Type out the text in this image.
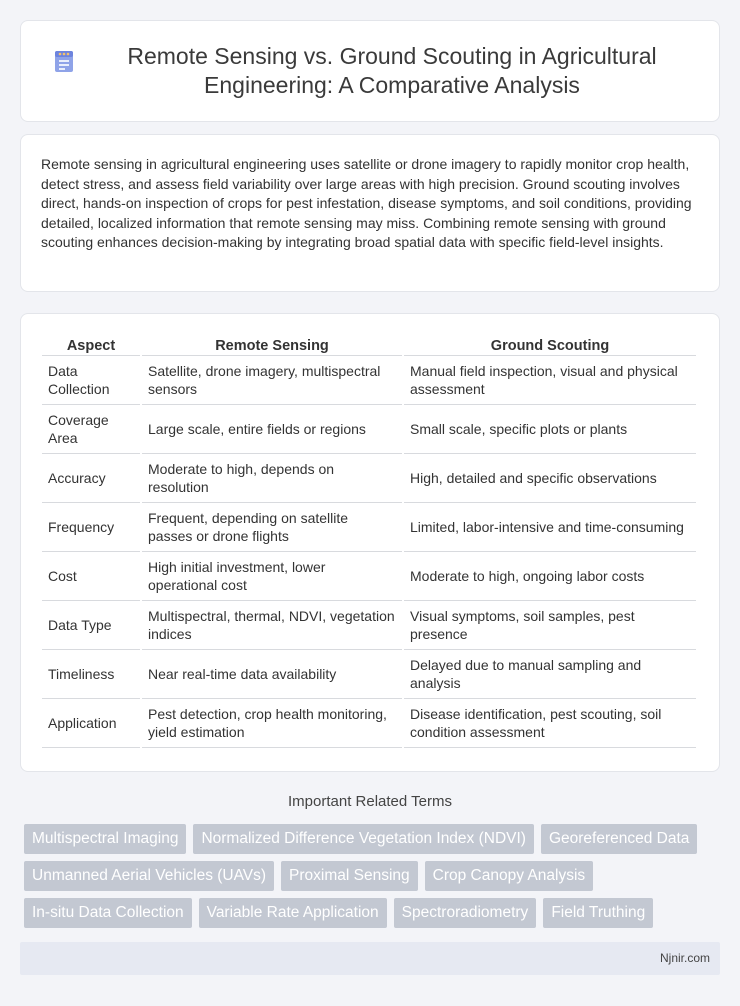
Remote Sensing vs. Ground Scouting in Agricultural Engineering: A Comparative Analysis

Remote sensing in agricultural engineering uses satellite or drone imagery to rapidly monitor crop health, detect stress, and assess field variability over large areas with high precision. Ground scouting involves direct, hands-on inspection of crops for pest infestation, disease symptoms, and soil conditions, providing detailed, localized information that remote sensing may miss. Combining remote sensing with ground scouting enhances decision-making by integrating broad spatial data with specific field-level insights.

Aspect	Remote Sensing	Ground Scouting
Data Collection	Satellite, drone imagery, multispectral sensors	Manual field inspection, visual and physical assessment
Coverage Area	Large scale, entire fields or regions	Small scale, specific plots or plants
Accuracy	Moderate to high, depends on resolution	High, detailed and specific observations
Frequency	Frequent, depending on satellite passes or drone flights	Limited, labor-intensive and time-consuming
Cost	High initial investment, lower operational cost	Moderate to high, ongoing labor costs
Data Type	Multispectral, thermal, NDVI, vegetation indices	Visual symptoms, soil samples, pest presence
Timeliness	Near real-time data availability	Delayed due to manual sampling and analysis
Application	Pest detection, crop health monitoring, yield estimation	Disease identification, pest scouting, soil condition assessment
Important Related Terms
Multispectral Imaging	Normalized Difference Vegetation Index (NDVI)	Georeferenced Data
Unmanned Aerial Vehicles (UAVs)	Proximal Sensing	Crop Canopy Analysis
In-situ Data Collection	Variable Rate Application	Spectroradiometry	Field Truthing
Njnir.com
